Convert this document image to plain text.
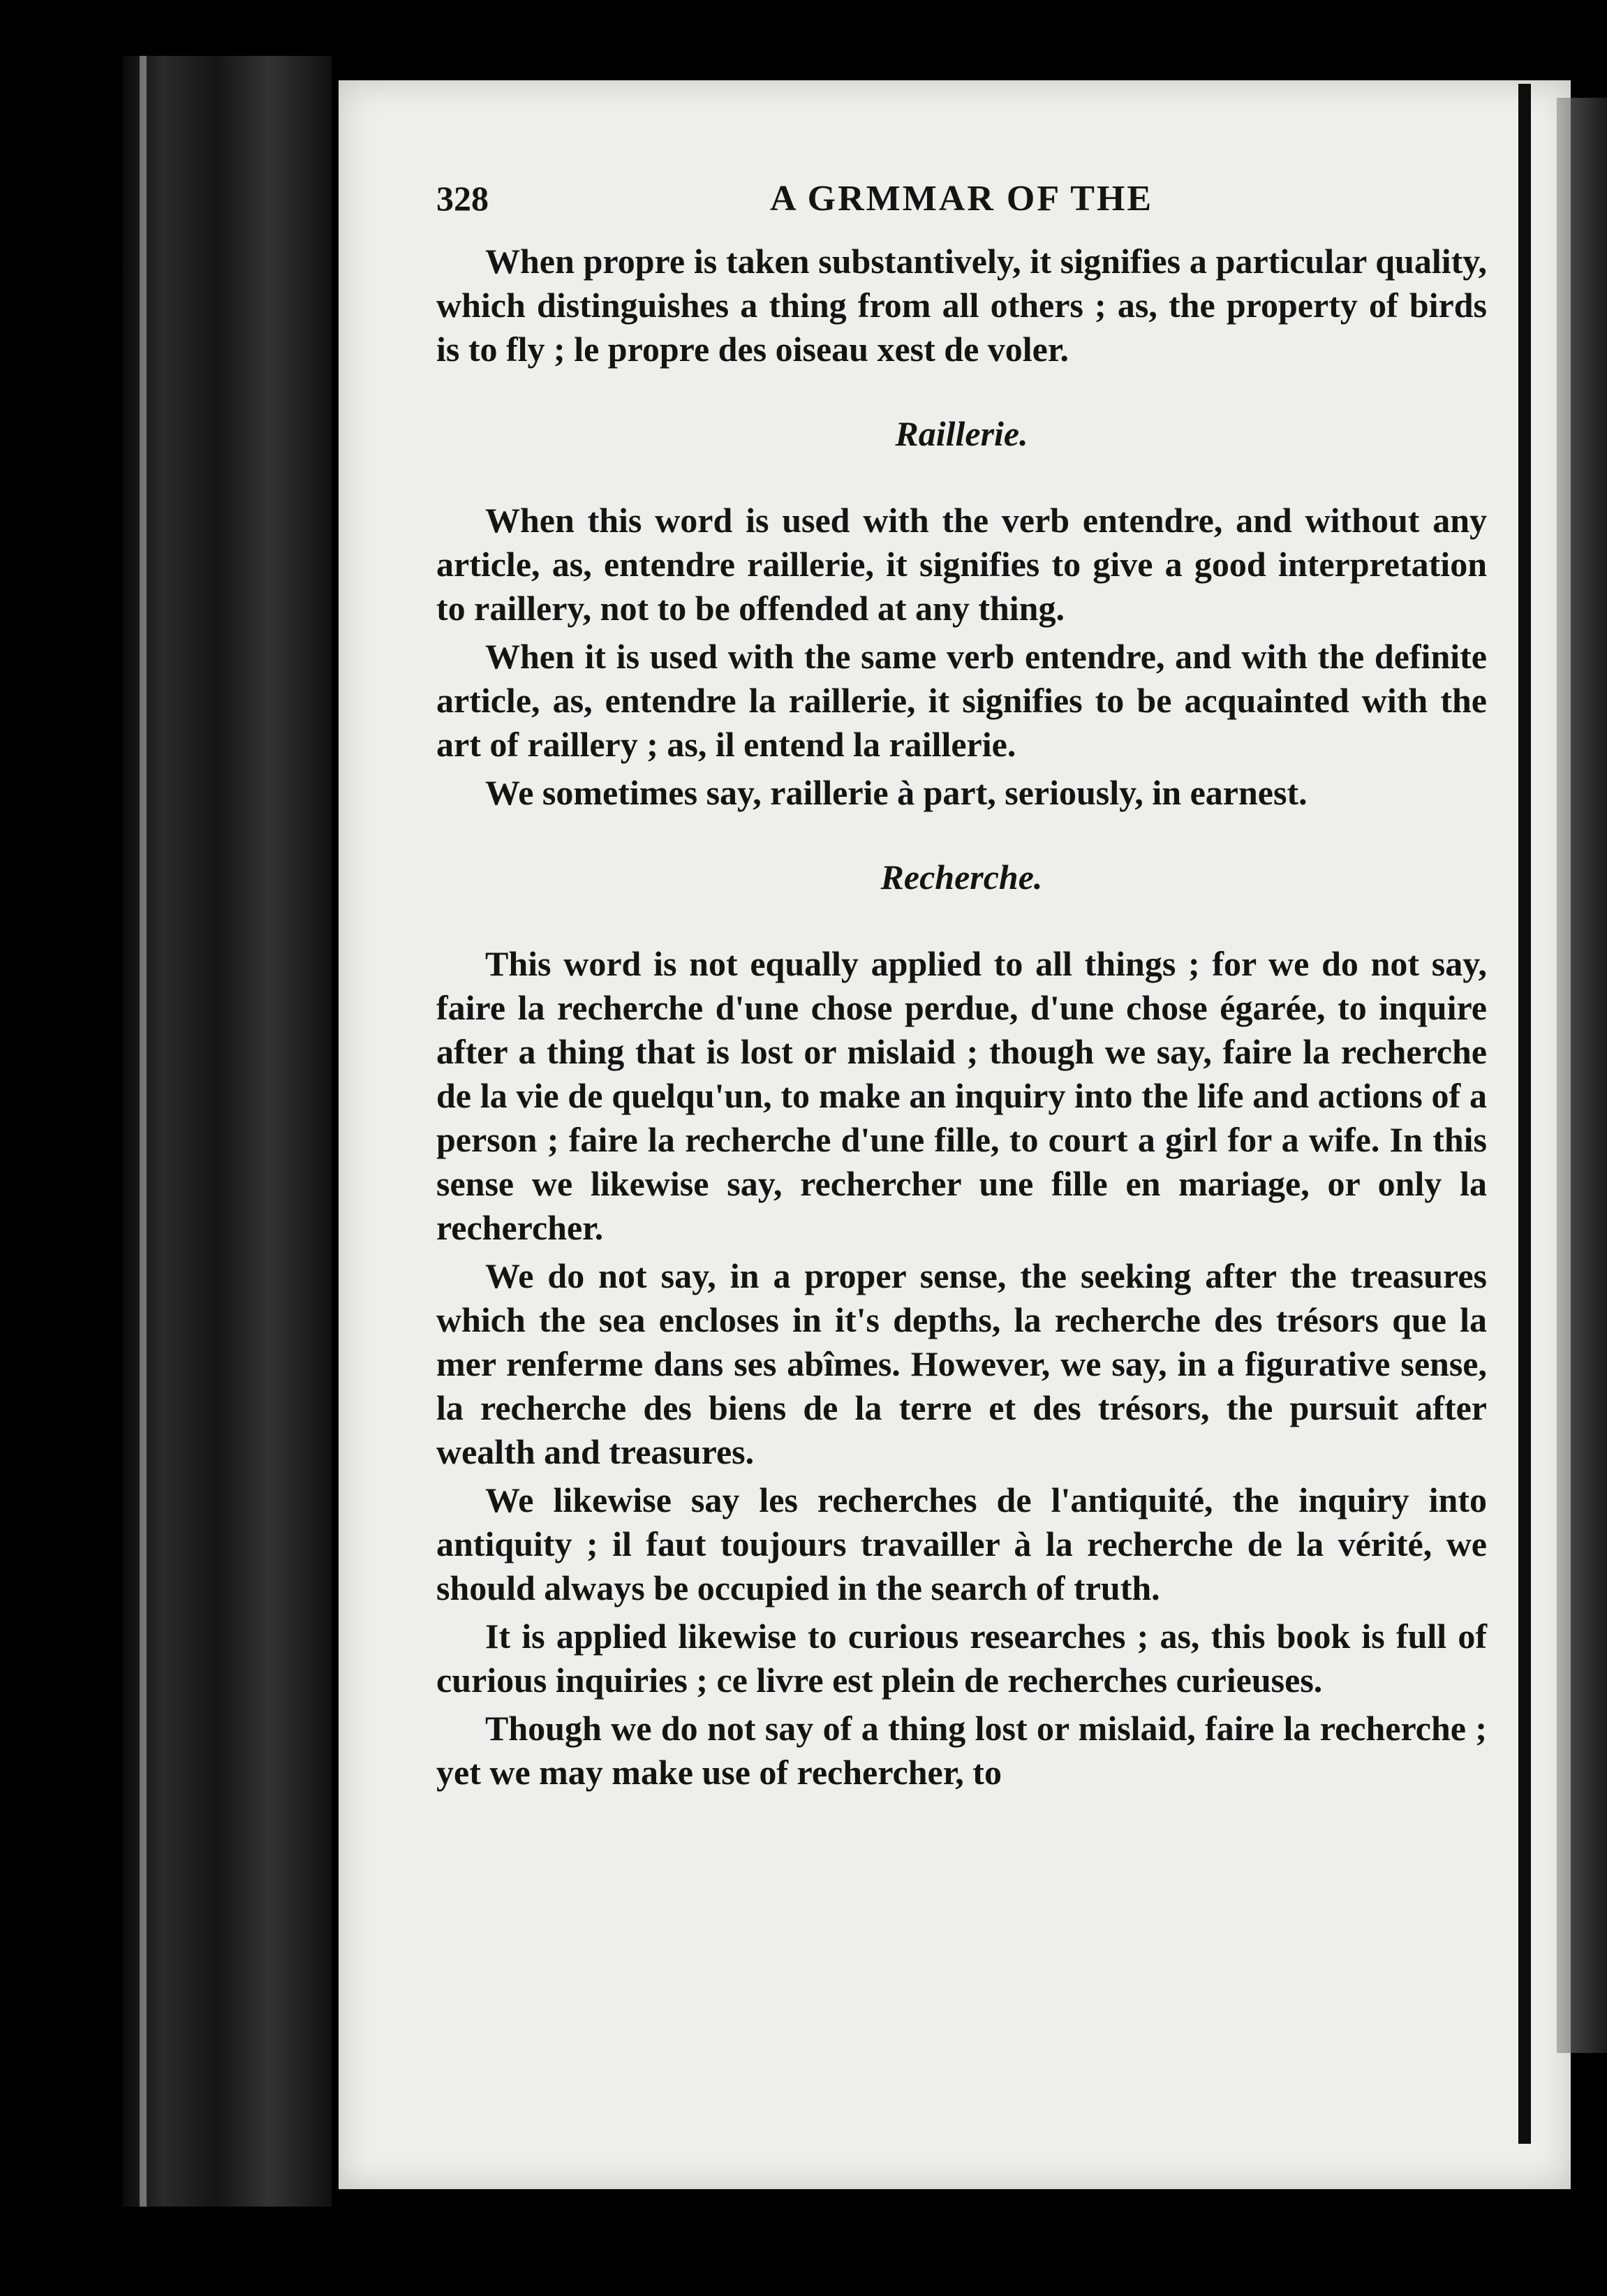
328	A GRMMAR OF THE

When propre is taken substantively, it signifies a particular quality, which distinguishes a thing from all others ; as, the property of birds is to fly ; le propre des oiseau xest de voler.

Raillerie.

When this word is used with the verb entendre, and without any article, as, entendre raillerie, it signifies to give a good interpretation to raillery, not to be offended at any thing.

When it is used with the same verb entendre, and with the definite article, as, entendre la raillerie, it signifies to be acquainted with the art of raillery ; as, il entend la raillerie.

We sometimes say, raillerie à part, seriously, in earnest.

Recherche.

This word is not equally applied to all things ; for we do not say, faire la recherche d'une chose perdue, d'une chose égarée, to inquire after a thing that is lost or mislaid ; though we say, faire la recherche de la vie de quelqu'un, to make an inquiry into the life and actions of a person ; faire la recherche d'une fille, to court a girl for a wife. In this sense we likewise say, rechercher une fille en mariage, or only la rechercher.

We do not say, in a proper sense, the seeking after the treasures which the sea encloses in it's depths, la recherche des trésors que la mer renferme dans ses abîmes. However, we say, in a figurative sense, la recherche des biens de la terre et des trésors, the pursuit after wealth and treasures.

We likewise say les recherches de l'antiquité, the inquiry into antiquity ; il faut toujours travailler à la recherche de la vérité, we should always be occupied in the search of truth.

It is applied likewise to curious researches ; as, this book is full of curious inquiries ; ce livre est plein de recherches curieuses.

Though we do not say of a thing lost or mislaid, faire la recherche ; yet we may make use of rechercher, to
